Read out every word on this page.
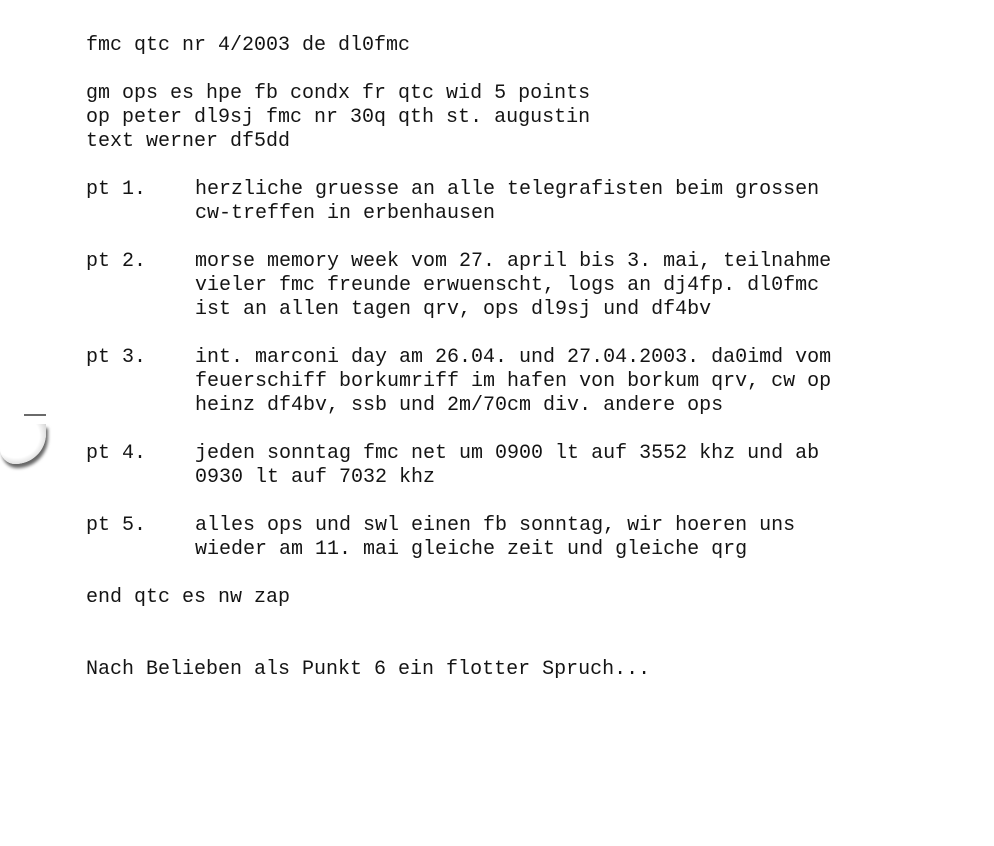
fmc qtc nr 4/2003 de dl0fmc
gm ops es hpe fb condx fr qtc wid 5 points
op peter dl9sj fmc nr 30q qth st. augustin
text werner df5dd
pt 1.	herzliche gruesse an alle telegrafisten beim grossen
cw-treffen in erbenhausen
pt 2.	morse memory week vom 27. april bis 3. mai, teilnahme
vieler fmc freunde erwuenscht, logs an dj4fp. dl0fmc
ist an allen tagen qrv, ops dl9sj und df4bv
pt 3.	int. marconi day am 26.04. und 27.04.2003. da0imd vom
feuerschiff borkumriff im hafen von borkum qrv, cw op
heinz df4bv, ssb und 2m/70cm div. andere ops
pt 4.	jeden sonntag fmc net um 0900 lt auf 3552 khz und ab
0930 lt auf 7032 khz
pt 5.	alles ops und swl einen fb sonntag, wir hoeren uns
wieder am 11. mai gleiche zeit und gleiche qrg
end qtc es nw zap
Nach Belieben als Punkt 6 ein flotter Spruch...
